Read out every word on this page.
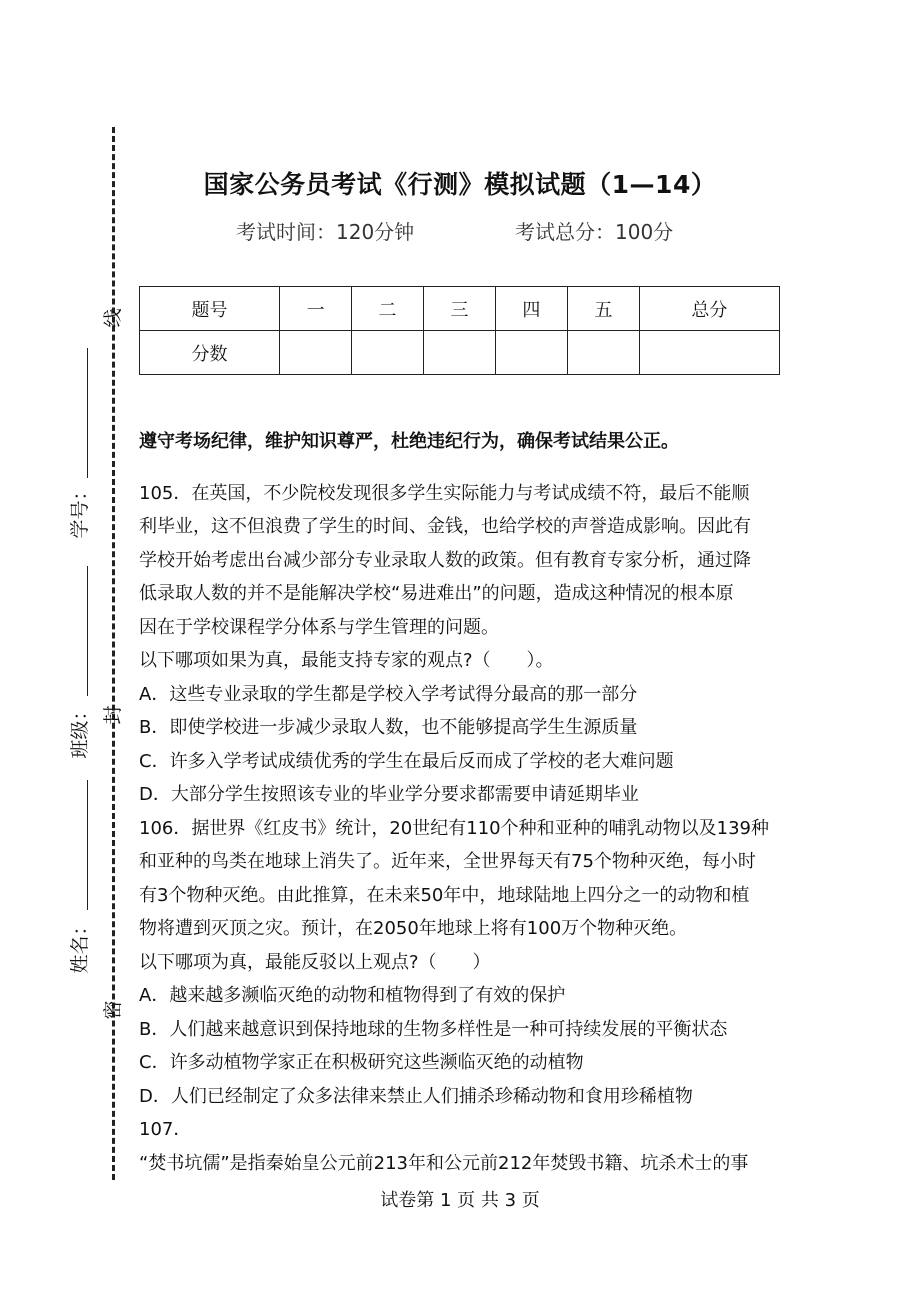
线
封
密
学号：
班级：
姓名：
国家公务员考试《行测》模拟试题（1—14）
考试时间：120分钟	考试总分：100分
题号	一	二	三	四	五	总分
分数						

遵守考场纪律，维护知识尊严，杜绝违纪行为，确保考试结果公正。

105．在英国，不少院校发现很多学生实际能力与考试成绩不符，最后不能顺

利毕业，这不但浪费了学生的时间、金钱，也给学校的声誉造成影响。因此有

学校开始考虑出台减少部分专业录取人数的政策。但有教育专家分析，通过降

低录取人数的并不是能解决学校“易进难出”的问题，造成这种情况的根本原

因在于学校课程学分体系与学生管理的问题。

以下哪项如果为真，最能支持专家的观点?（　　）。

A．这些专业录取的学生都是学校入学考试得分最高的那一部分

B．即使学校进一步减少录取人数，也不能够提高学生生源质量

C．许多入学考试成绩优秀的学生在最后反而成了学校的老大难问题

D．大部分学生按照该专业的毕业学分要求都需要申请延期毕业

106．据世界《红皮书》统计，20世纪有110个种和亚种的哺乳动物以及139种

和亚种的鸟类在地球上消失了。近年来，全世界每天有75个物种灭绝，每小时

有3个物种灭绝。由此推算，在未来50年中，地球陆地上四分之一的动物和植

物将遭到灭顶之灾。预计，在2050年地球上将有100万个物种灭绝。

以下哪项为真，最能反驳以上观点?（　　）

A．越来越多濒临灭绝的动物和植物得到了有效的保护

B．人们越来越意识到保持地球的生物多样性是一种可持续发展的平衡状态

C．许多动植物学家正在积极研究这些濒临灭绝的动植物

D．人们已经制定了众多法律来禁止人们捕杀珍稀动物和食用珍稀植物

107．

“焚书坑儒”是指秦始皇公元前213年和公元前212年焚毁书籍、坑杀术士的事

试卷第 1 页 共 3 页
